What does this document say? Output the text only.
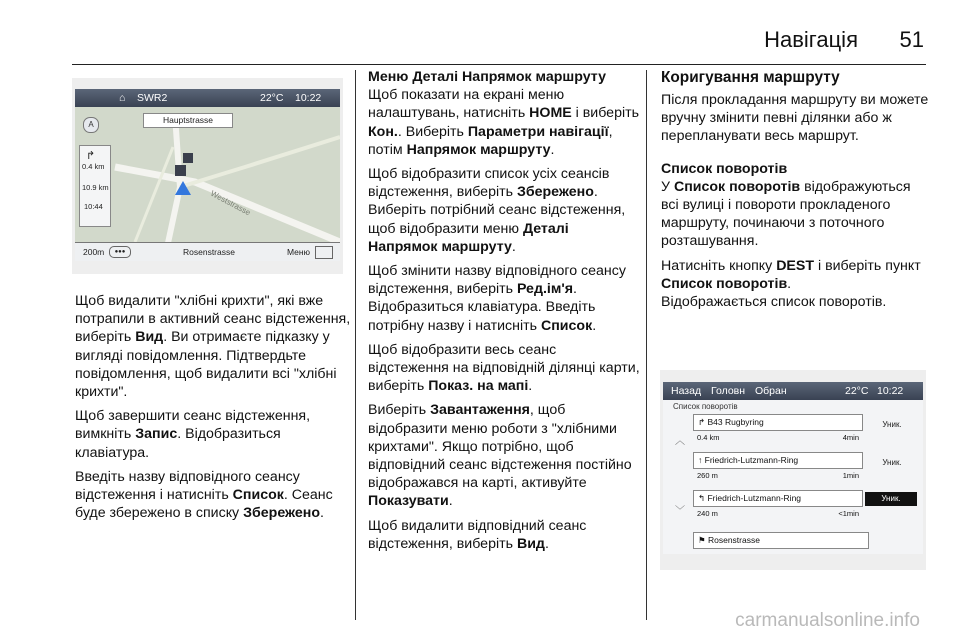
Навігація 51
⌂ SWR2	22°C 10:22
Weststrasse
Hauptstrasse
A
↱
0.4 km
10.9 km
10:44
200m	●●●	Rosenstrasse	Меню

Щоб видалити "хлібні крихти", які вже потрапили в активний сеанс відстеження, виберіть Вид. Ви отримаєте підказку у вигляді повідомлення. Підтвердьте повідомлення, щоб видалити всі "хлібні крихти".

Щоб завершити сеанс відстеження, вимкніть Запис. Відобразиться клавіатура.

Введіть назву відповідного сеансу відстеження і натисніть Список. Сеанс буде збережено в списку Збережено.

Меню Деталі Напрямок маршруту

Щоб показати на екрані меню налаштувань, натисніть HOME і виберіть Кон.. Виберіть Параметри навігації, потім Напрямок маршруту.

Щоб відобразити список усіх сеансів відстеження, виберіть Збережено. Виберіть потрібний сеанс відстеження, щоб відобразити меню Деталі Напрямок маршруту.

Щоб змінити назву відповідного сеансу відстеження, виберіть Ред.ім'я. Відобразиться клавіатура. Введіть потрібну назву і натисніть Список.

Щоб відобразити весь сеанс відстеження на відповідній ділянці карти, виберіть Показ. на мапі.

Виберіть Завантаження, щоб відобразити меню роботи з "хлібними крихтами". Якщо потрібно, щоб відповідний сеанс відстеження постійно відображався на карті, активуйте Показувати.

Щоб видалити відповідний сеанс відстеження, виберіть Вид.

Коригування маршруту

Після прокладання маршруту ви можете вручну змінити певні ділянки або ж перепланувати весь маршрут.

Список поворотів

У Список поворотів відображуються всі вулиці і повороти прокладеного маршруту, починаючи з поточного розташування.

Натисніть кнопку DEST і виберіть пункт Список поворотів.

Відображається список поворотів.

Назад Головн Обран	22°C 10:22
Список поворотів
︿
﹀
↱ B43 Rugbyring
0.4 km	4min
Уник.
↑ Friedrich-Lutzmann-Ring
260 m	1min
Уник.
↰ Friedrich-Lutzmann-Ring
240 m	<1min
Уник.
⚑ Rosenstrasse
carmanualsonline.info
